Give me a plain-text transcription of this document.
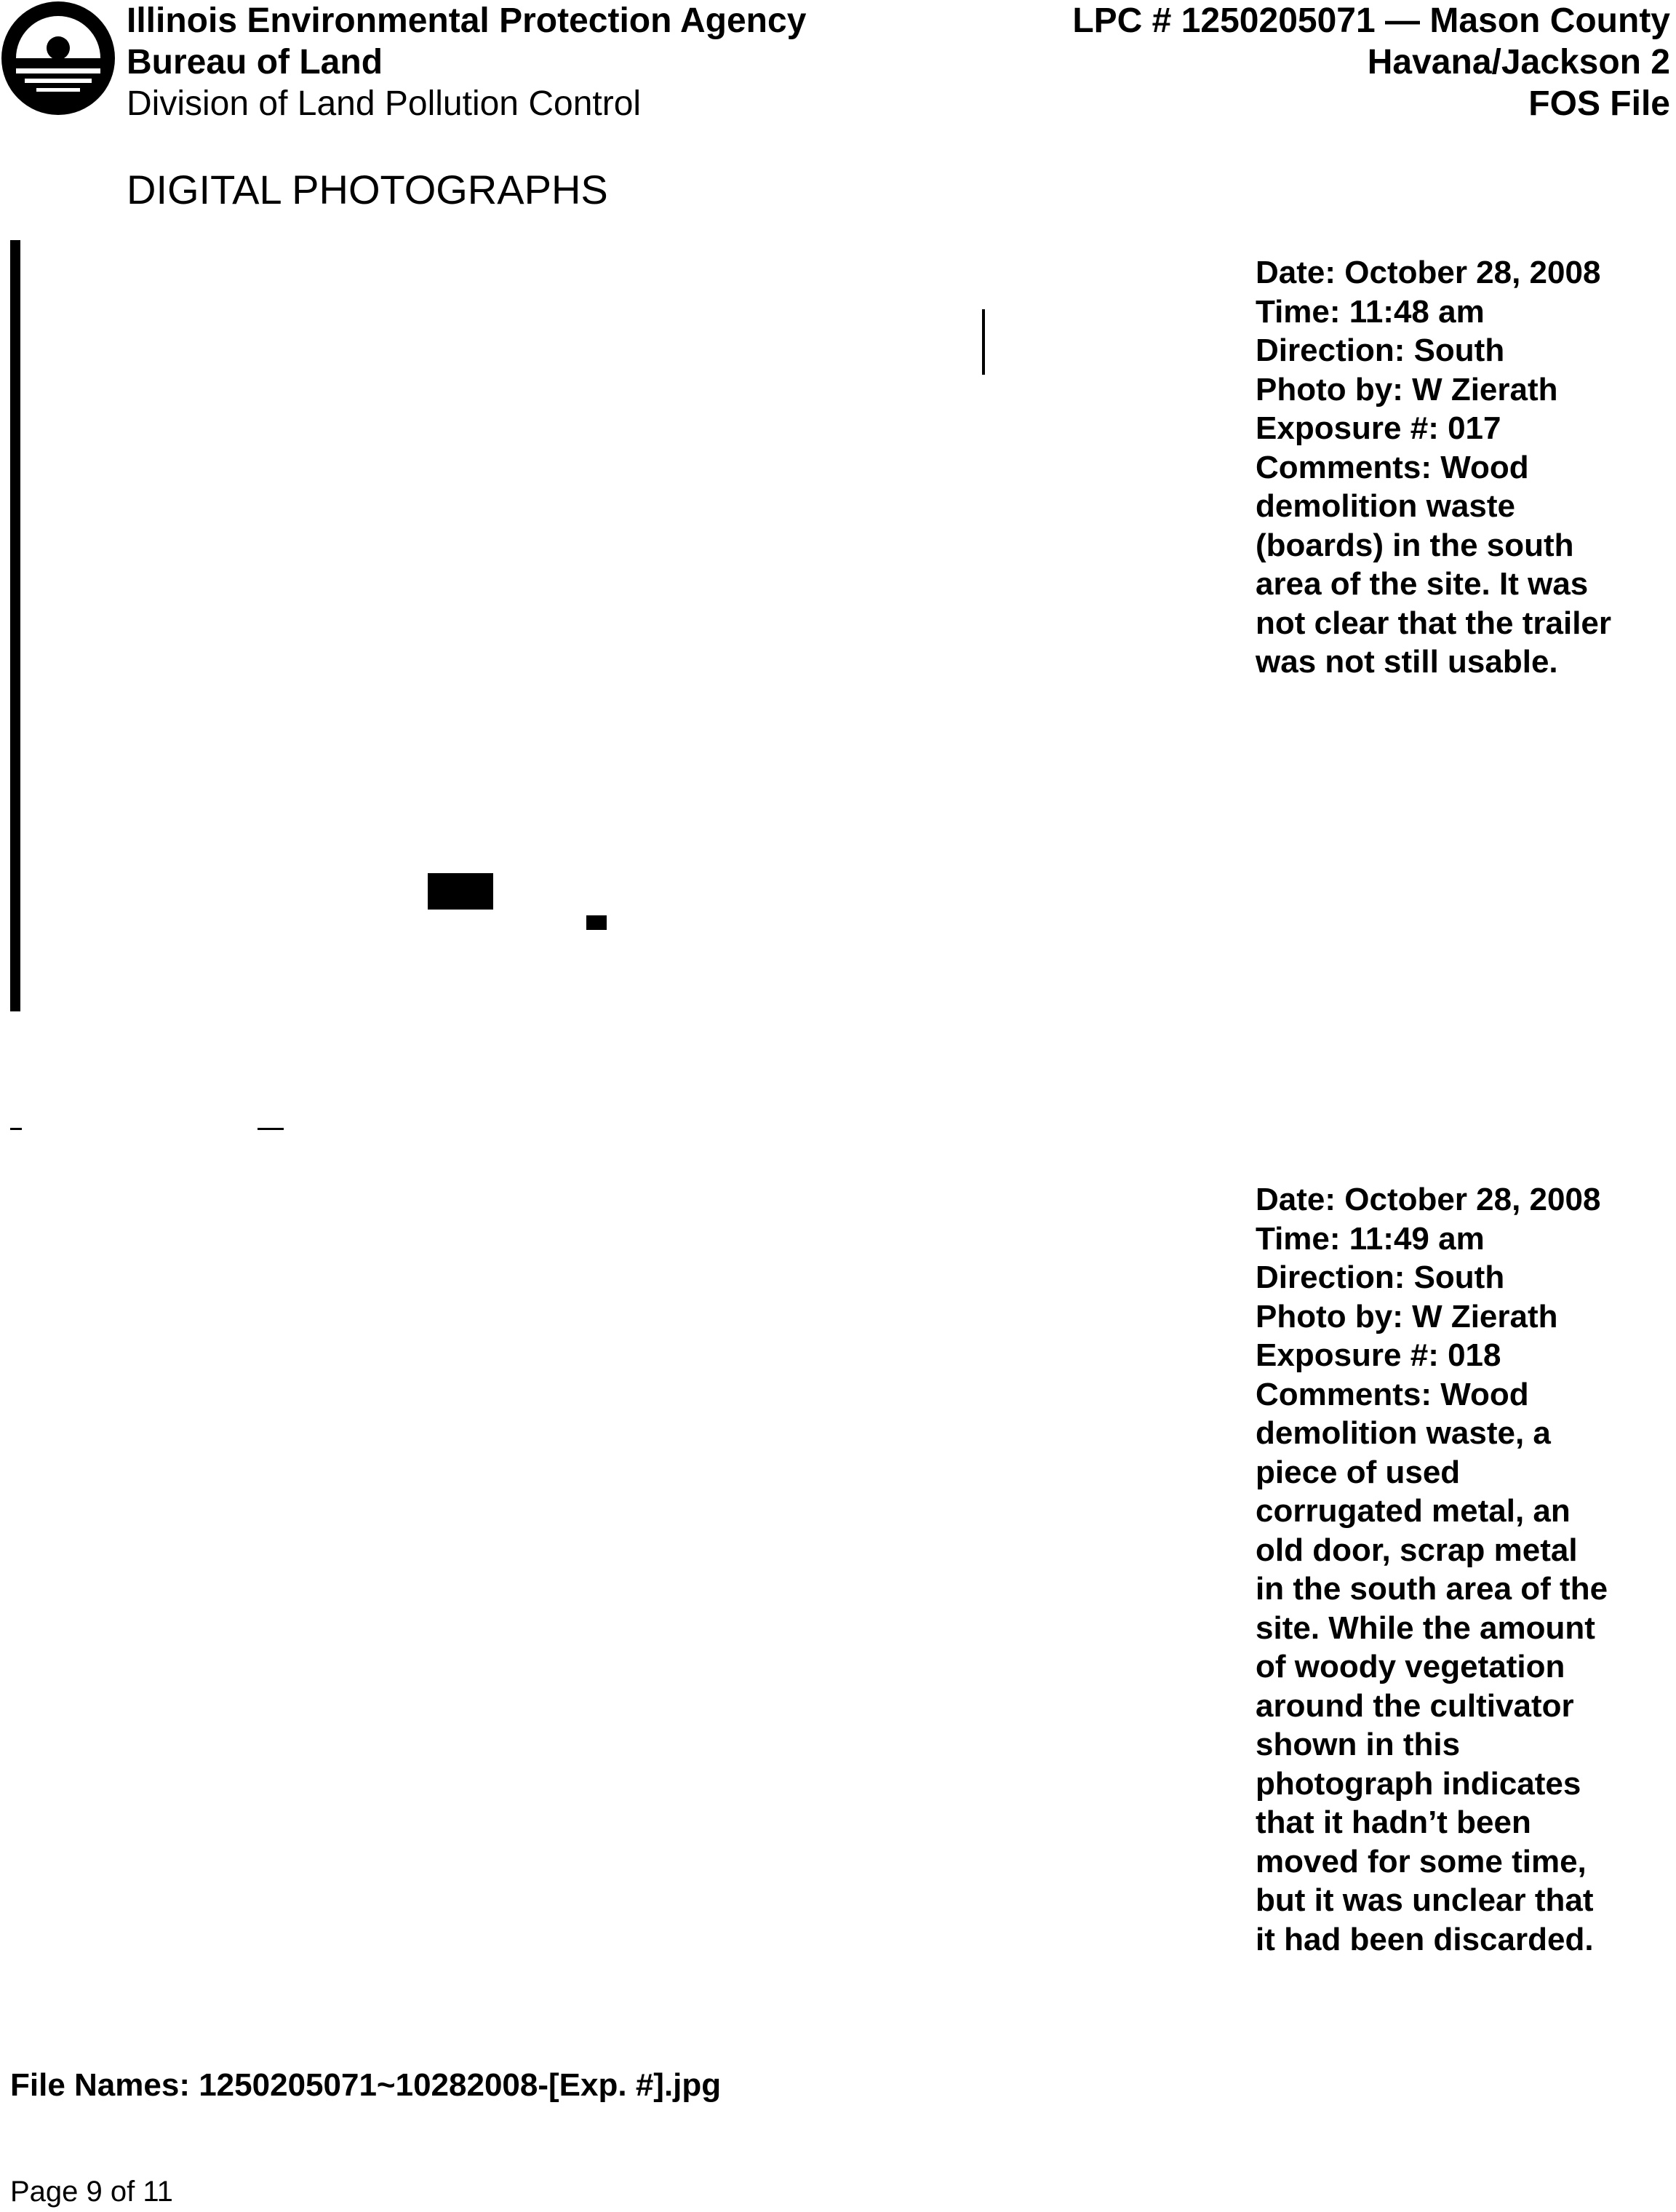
Illinois Environmental Protection Agency
Bureau of Land
Division of Land Pollution Control
LPC # 1250205071 — Mason County
Havana/Jackson 2
FOS File
DIGITAL PHOTOGRAPHS
Date: October 28, 2008
Time: 11:48 am
Direction: South
Photo by: W Zierath
Exposure #: 017
Comments: Wood
demolition waste
(boards) in the south
area of the site. It was
not clear that the trailer
was not still usable.
Date: October 28, 2008
Time: 11:49 am
Direction: South
Photo by: W Zierath
Exposure #: 018
Comments: Wood
demolition waste, a
piece of used
corrugated metal, an
old door, scrap metal
in the south area of the
site. While the amount
of woody vegetation
around the cultivator
shown in this
photograph indicates
that it hadn’t been
moved for some time,
but it was unclear that
it had been discarded.
File Names: 1250205071~10282008-[Exp. #].jpg
Page 9 of 11
